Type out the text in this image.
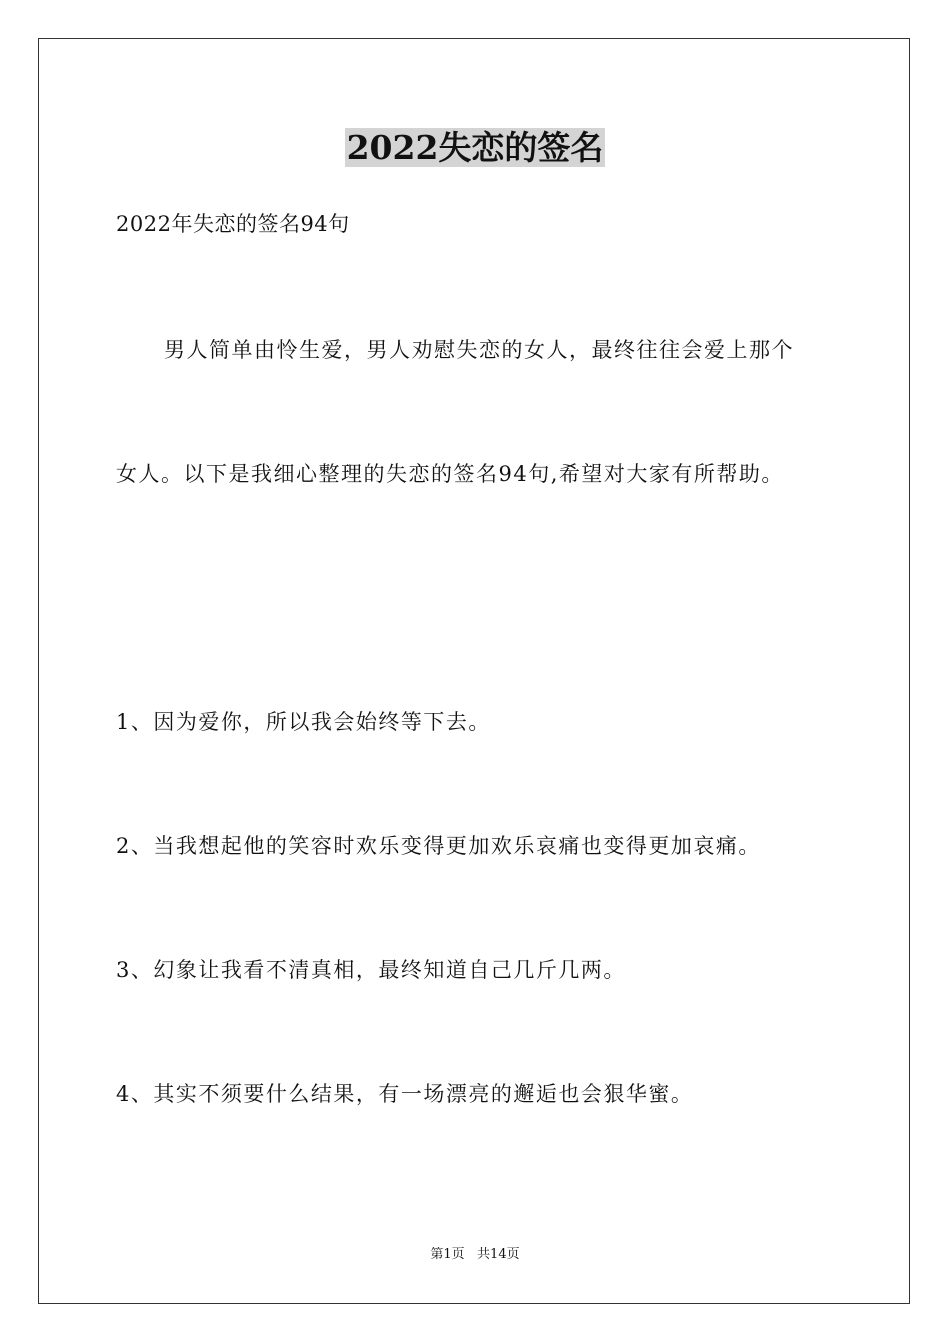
2022失恋的签名
2022年失恋的签名94句
男人简单由怜生爱，男人劝慰失恋的女人，最终往往会爱上那个
女人。以下是我细心整理的失恋的签名94句,希望对大家有所帮助。
1、因为爱你，所以我会始终等下去。
2、当我想起他的笑容时欢乐变得更加欢乐哀痛也变得更加哀痛。
3、幻象让我看不清真相，最终知道自己几斤几两。
4、其实不须要什么结果，有一场漂亮的邂逅也会狠华蜜。
第1页   共14页
